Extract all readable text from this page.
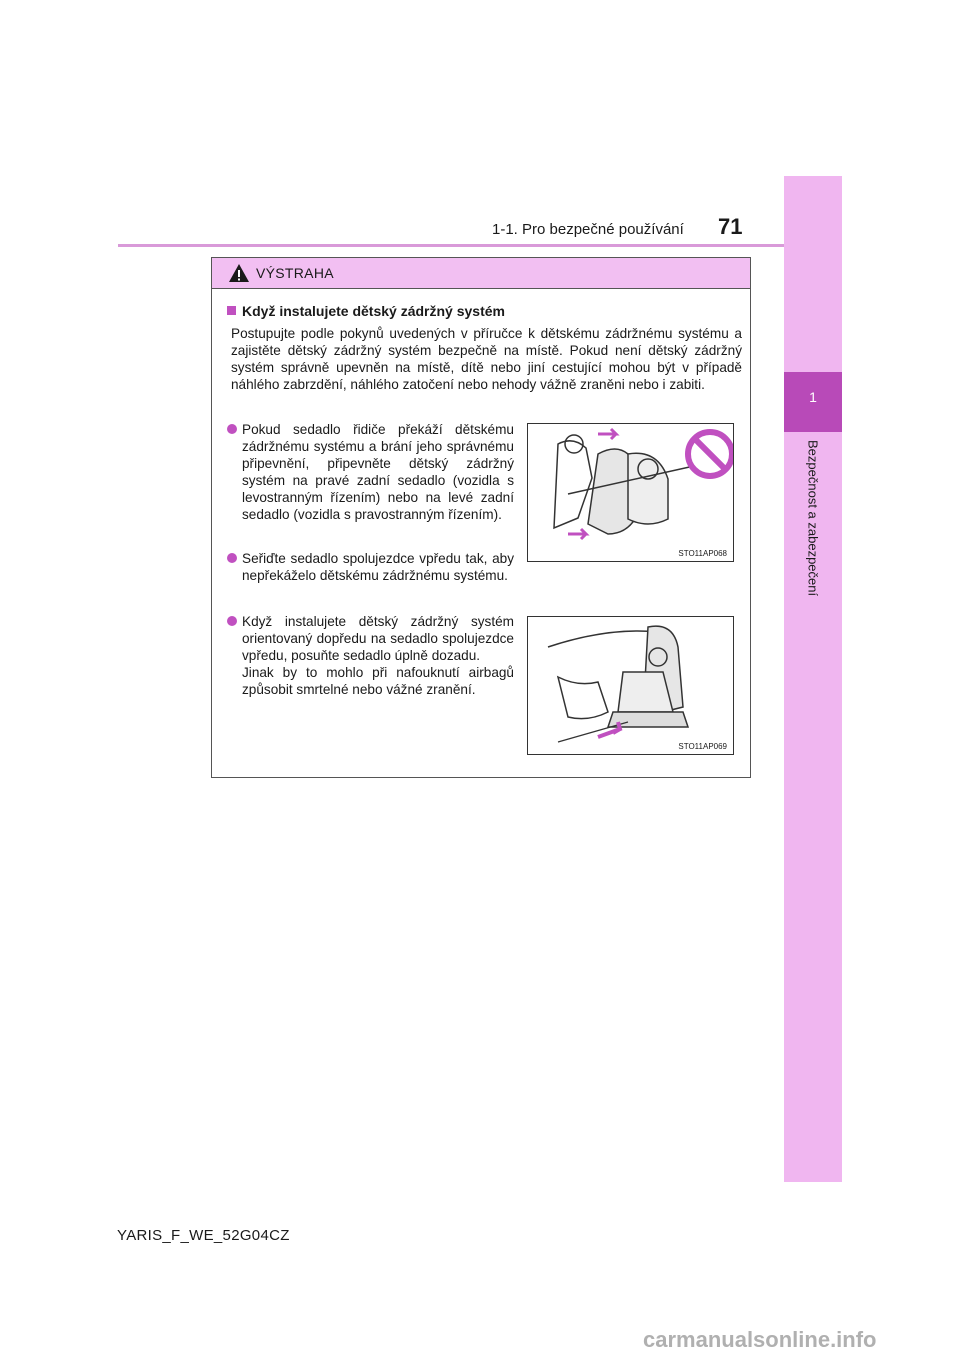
1
Bezpečnost a zabezpečení
1-1. Pro bezpečné používání 71
VÝSTRAHA
Když instalujete dětský zádržný systém

Postupujte podle pokynů uvedených v příručce k dětskému zádržnému systému a zajistěte dětský zádržný systém bezpečně na místě. Pokud není dětský zádržný systém správně upevněn na místě, dítě nebo jiní cestující mohou být v případě náhlého zabrzdění, náhlého zatočení nebo nehody vážně zraněni nebo i zabiti.

Pokud sedadlo řidiče překáží dětskému zádržnému systému a brání jeho správnému připevnění, připevněte dětský zádržný systém na pravé zadní sedadlo (vozidla s levostranným řízením) nebo na levé zadní sedadlo (vozidla s pravostranným řízením).
Seřiďte sedadlo spolujezdce vpředu tak, aby nepřekáželo dětskému zádržnému systému.
Když instalujete dětský zádržný systém orientovaný dopředu na sedadlo spolujezdce vpředu, posuňte sedadlo úplně dozadu.
Jinak by to mohlo při nafouknutí airbagů způsobit smrtelné nebo vážné zranění.
STO11AP068
STO11AP069
YARIS_F_WE_52G04CZ
carmanualsonline.info
